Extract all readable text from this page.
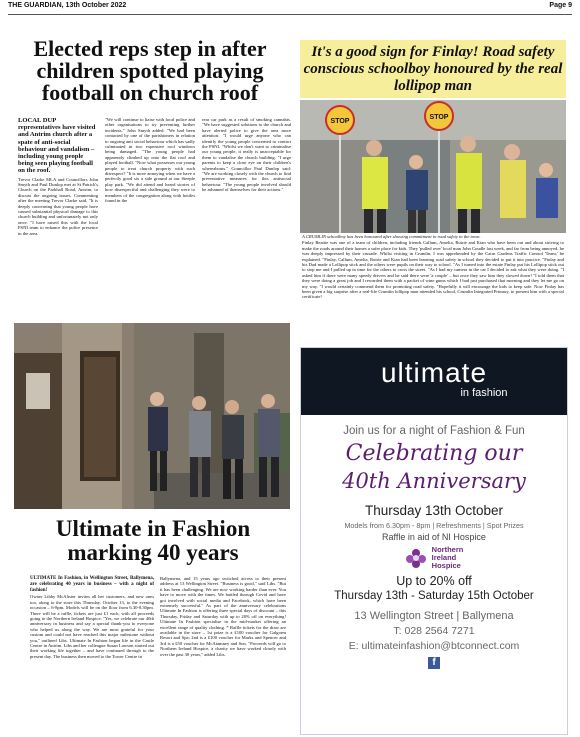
THE GUARDIAN, 13th October 2022	Page 9
Elected reps step in after children spotted playing football on church roof

LOCAL DUP representatives have visited and Antrim church after a spate of anti-social behaviour and vandalism – including young people being seen playing football on the roof.

Trevor Clarke MLA and Councillors John Smyth and Paul Dunlop met at St Patrick's Church on the Parkhall Road, Antrim, to discuss the ongoing issues. Commenting after the meeting Trevor Clarke said, "It is deeply concerning that young people have caused substantial physical damage to this church building and unfortunately not only once. "I have raised this with the local PSNI team to enhance the police presence in the area.

"We will continue to liaise with local police and other organisations to try preventing further incidents." John Smyth added: "We had been contacted by one of the parishioners in relation to ongoing anti social behaviour which has sadly culminated in two expensive roof windows being damaged. "The young people had apparently climbed up onto the flat roof and played football. "Now what possesses our young people to treat church property with such disrespect? "It is more annoying when we have a perfectly good six a side ground at our Steeple play park. "We did attend and heard stories of how disrespectful and challenging they were to members of the congregation along with bottles found in the

rear car park as a result of smoking cannabis. "We have suggested solutions to the church and have alerted police to give the area more attention. "I would urge anyone who can identify the young people concerned to contact the PSNI. "Whilst we don't want to criminalise our young people, it really is unacceptable for them to vandalise the church building. "I urge parents to keep a close eye on their children's whereabouts." Councillor Paul Dunlop said: "We are working closely with the church to find preventative measures for this antisocial behaviour. "The young people involved should be ashamed of themselves for their actions."

It's a good sign for Finlay! Road safety conscious schoolboy honoured by the real lollipop man
STOP
STOP

A CRUMLIN schoolboy has been honoured after showing commitment to road safety in the town.

Finlay Beattie was one of a team of children, including friends Callum, Amelia, Ruirie and Kian who have been out and about striving to make the roads around their homes a safer place for kids. They 'pulled over' local man John Coudle last week, and far from being annoyed, he was deeply impressed by their crusade. Whilst visiting in Crumlin, I was apprehended by the Cairn Gardens Traffic Control 'Team,' he explained. "Finlay, Callum, Amelia, Ruirie and Kian had been learning road safety in school they decided to put it into practice. "Finlay and his Dad made a Lollipop stick and the others were pupils on their way to school. "As I turned into the estate Finlay put his Lollipop stick out to stop me and I pulled up in time for the others to cross the street. "As I had my camera in the car I decided to ask what they were doing. "I asked him if there were many speedy drivers and he said there were 'a couple' – but once they saw him they slowed down! "I told them that they were doing a great job and I rewarded them with a packet of wine gums which I had just purchased that morning and they let me go on my way. "I would certainly commend them for promoting road safety. "Hopefully it will encourage the kids to keep safe. Now Finlay has been given a big surprise after a real-life Crumlin lollipop man attended his school, Crumlin Integrated Primary, to present him with a special certificate!

Ultimate in Fashion marking 40 years

ULTIMATE In Fashion, in Wellington Street, Ballymena, are celebrating 40 years in business – with a night of fashion!

Owner Libby McAlister invites all her customers, and new ones too, along to the store this Thursday, October 13, to the evening occasion – 6-8pm. Models will be on the floor from 6.30-8.30pm. There will be a raffle, tickets are just £1 each, with all proceeds going to the Northern Ireland Hospice. "Yes, we celebrate our 40th anniversary in business and say a special thank-you to everyone who helped us along the way. We are most grateful for your custom and could not have reached this major milestone without you," outlined Libs. Ultimate In Fashion began life in the Castle Centre in Antrim. Libs and her colleague Susan Lawson started out their working life together – and have continued through to the present day. The business then moved to the Tower Centre in

Ballymena, and 15 years ago switched across to their present address at 13 Wellington Street. "Business is good," said Libs. "But it has been challenging. We are now working harder than ever. You have to move with the times. We battled through Covid and have got involved with social media and Facebook, which have been extremely successful." As part of the anniversary celebrations Ultimate In Fashion is offering three special days of discount – this Thursday, Friday and Saturday with up to 20% off on everything! Ultimate In Fashion specialise in the mid-market offering an excellent range of quality clothing. * Raffle tickets for the draw are available in the store – 1st prize is a £100 voucher for Galgorm Resort and Spa; 2nd is a £100 voucher for Marks and Spencer and 3rd is a £50 voucher for McAtamney and Son. "Proceeds will go to Northern Ireland Hospice, a charity we have worked closely with over the past 30 years," added Libs.

ultimate
in fashion
Join us for a night of Fashion & Fun
Celebrating our
40th Anniversary
Thursday 13th October
Models from 6.30pm - 8pm | Refreshments | Spot Prizes
Raffle in aid of NI Hospice
Northern
Ireland
Hospice
Up to 20% off
Thursday 13th - Saturday 15th October
13 Wellington Street | Ballymena
T: 028 2564 7271
E: ultimateinfashion@btconnect.com
f
